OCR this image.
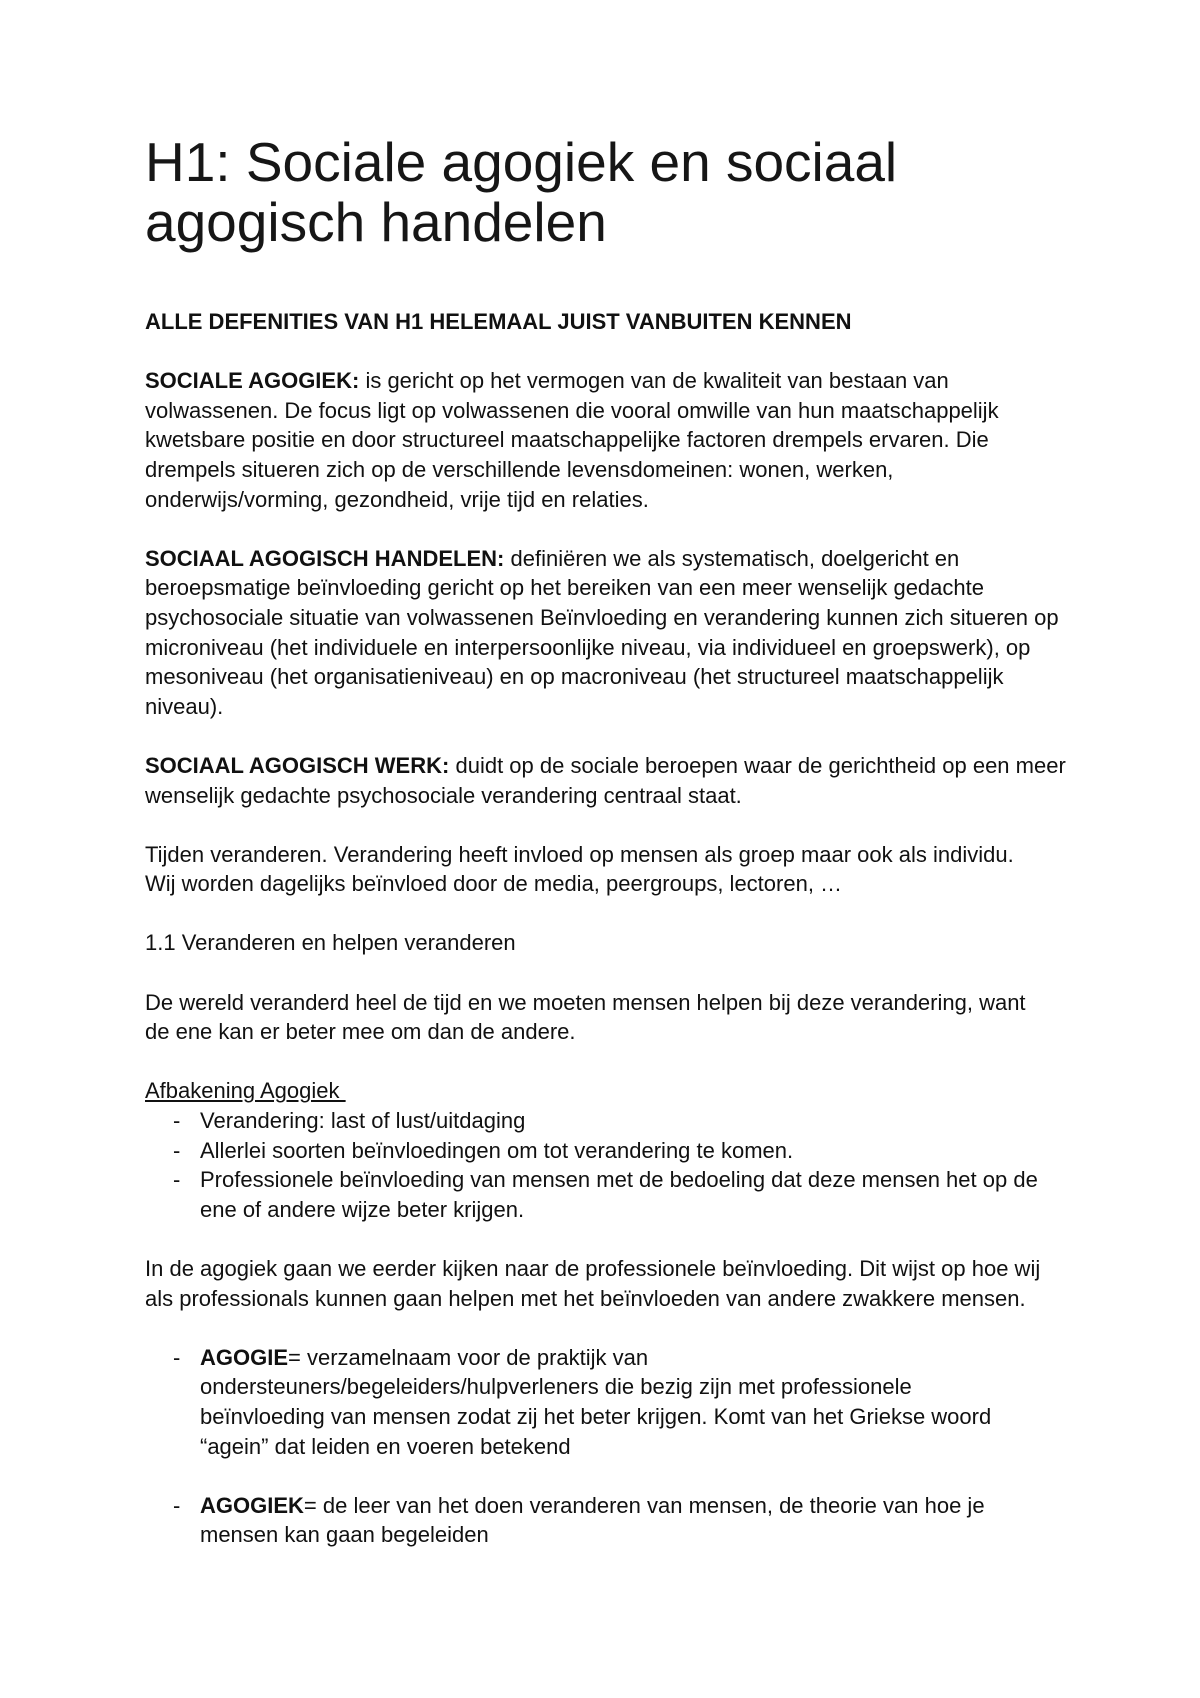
H1: Sociale agogiek en sociaal
agogisch handelen
ALLE DEFENITIES VAN H1 HELEMAAL JUIST VANBUITEN KENNEN
SOCIALE AGOGIEK: is gericht op het vermogen van de kwaliteit van bestaan van
volwassenen. De focus ligt op volwassenen die vooral omwille van hun maatschappelijk
kwetsbare positie en door structureel maatschappelijke factoren drempels ervaren. Die
drempels situeren zich op de verschillende levensdomeinen: wonen, werken,
onderwijs/vorming, gezondheid, vrije tijd en relaties.
SOCIAAL AGOGISCH HANDELEN: definiëren we als systematisch, doelgericht en
beroepsmatige beïnvloeding gericht op het bereiken van een meer wenselijk gedachte
psychosociale situatie van volwassenen Beïnvloeding en verandering kunnen zich situeren op
microniveau (het individuele en interpersoonlijke niveau, via individueel en groepswerk), op
mesoniveau (het organisatieniveau) en op macroniveau (het structureel maatschappelijk
niveau).
SOCIAAL AGOGISCH WERK: duidt op de sociale beroepen waar de gerichtheid op een meer
wenselijk gedachte psychosociale verandering centraal staat.
Tijden veranderen. Verandering heeft invloed op mensen als groep maar ook als individu.
Wij worden dagelijks beïnvloed door de media, peergroups, lectoren, …
1.1 Veranderen en helpen veranderen
De wereld veranderd heel de tijd en we moeten mensen helpen bij deze verandering, want
de ene kan er beter mee om dan de andere.
Afbakening Agogiek
- Verandering: last of lust/uitdaging
- Allerlei soorten beïnvloedingen om tot verandering te komen.
- Professionele beïnvloeding van mensen met de bedoeling dat deze mensen het op de
ene of andere wijze beter krijgen.
In de agogiek gaan we eerder kijken naar de professionele beïnvloeding. Dit wijst op hoe wij
als professionals kunnen gaan helpen met het beïnvloeden van andere zwakkere mensen.
- AGOGIE= verzamelnaam voor de praktijk van
ondersteuners/begeleiders/hulpverleners die bezig zijn met professionele
beïnvloeding van mensen zodat zij het beter krijgen. Komt van het Griekse woord
“agein” dat leiden en voeren betekend
- AGOGIEK= de leer van het doen veranderen van mensen, de theorie van hoe je
mensen kan gaan begeleiden
